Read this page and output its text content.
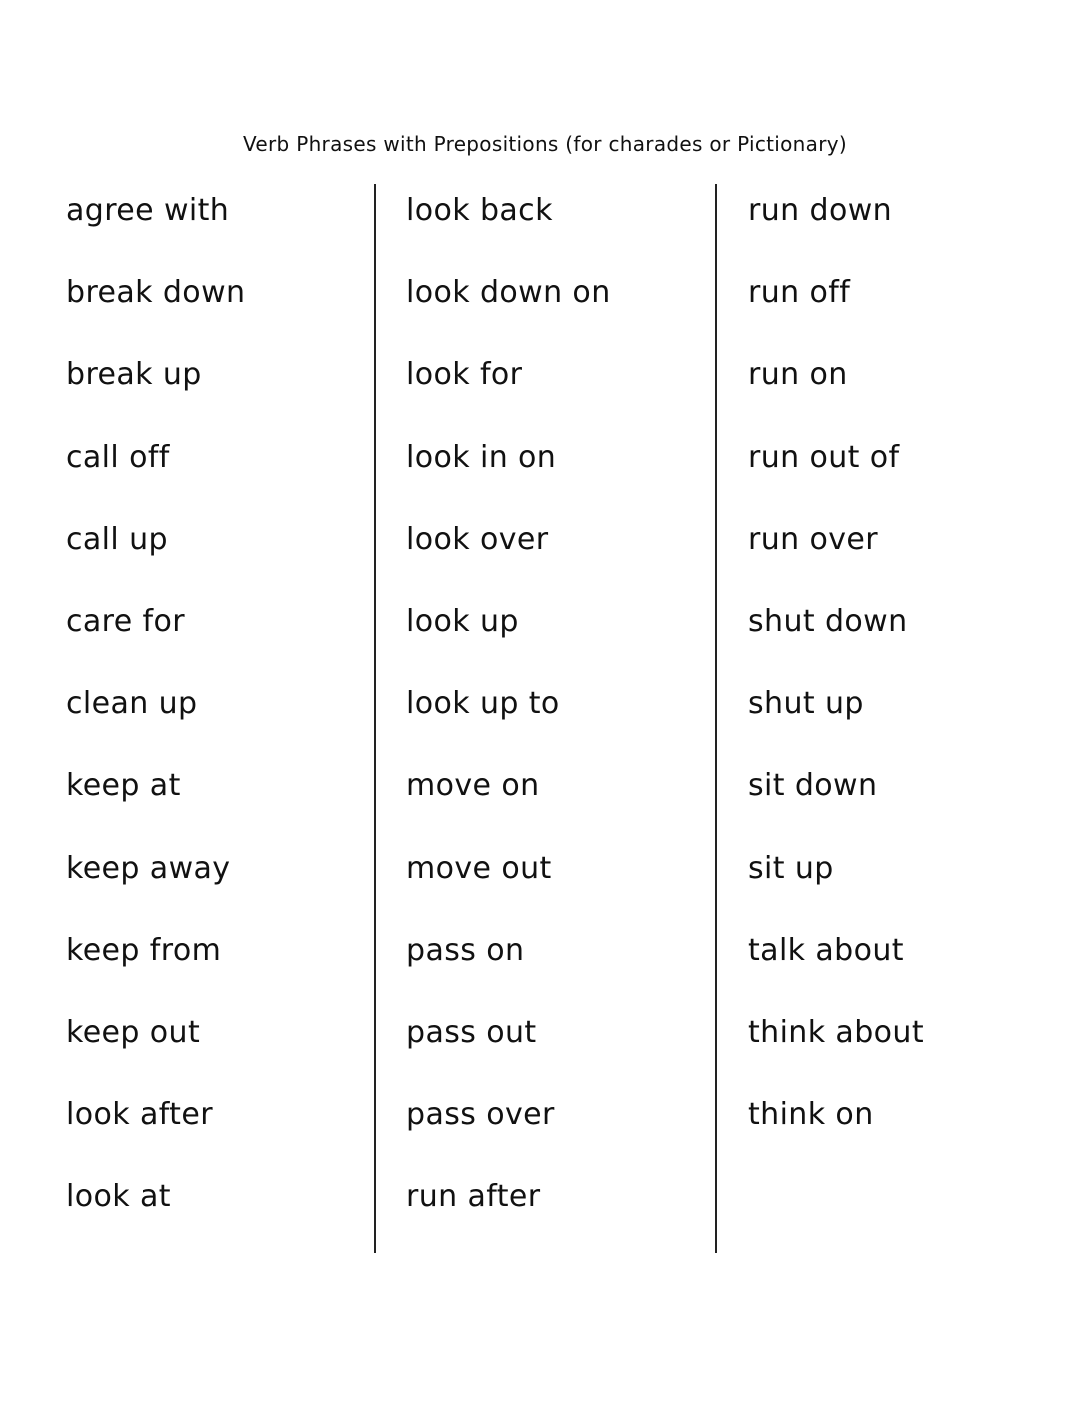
Verb Phrases with Prepositions (for charades or Pictionary)
agree with
break down
break up
call off
call up
care for
clean up
keep at
keep away
keep from
keep out
look after
look at
look back
look down on
look for
look in on
look over
look up
look up to
move on
move out
pass on
pass out
pass over
run after
run down
run off
run on
run out of
run over
shut down
shut up
sit down
sit up
talk about
think about
think on
